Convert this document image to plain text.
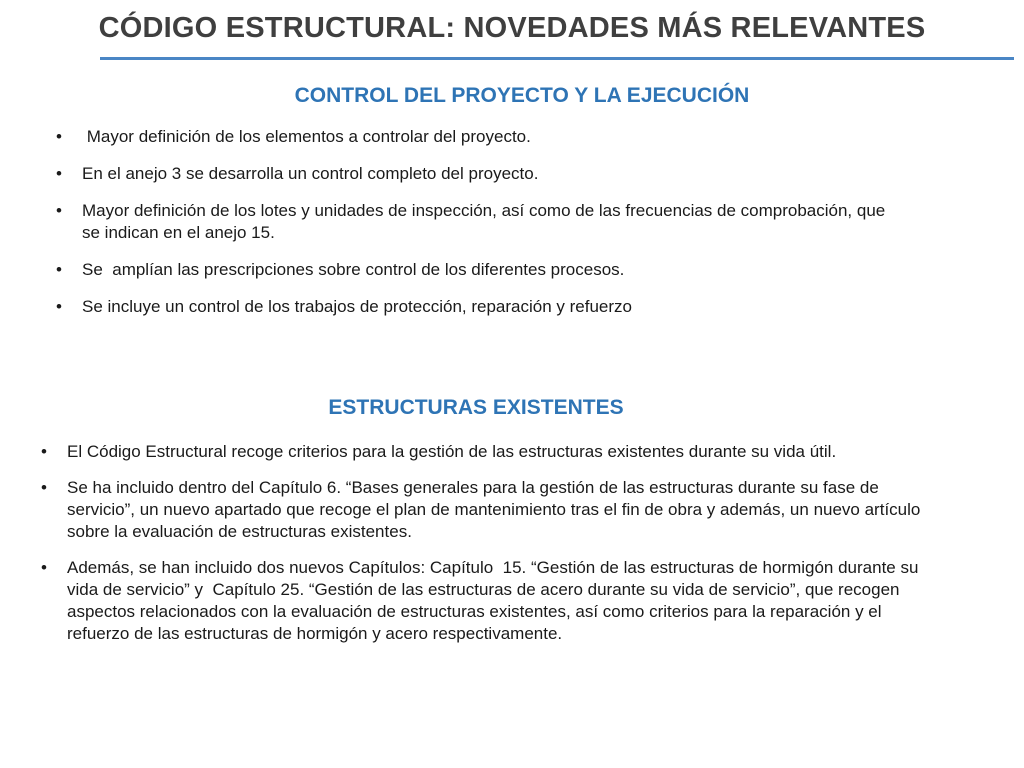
CÓDIGO ESTRUCTURAL: NOVEDADES MÁS RELEVANTES
CONTROL DEL PROYECTO Y LA EJECUCIÓN
• Mayor definición de los elementos a controlar del proyecto.
• En el anejo 3 se desarrolla un control completo del proyecto.
• Mayor definición de los lotes y unidades de inspección, así como de las frecuencias de comprobación, que se indican en el anejo 15.
• Se  amplían las prescripciones sobre control de los diferentes procesos.
• Se incluye un control de los trabajos de protección, reparación y refuerzo
ESTRUCTURAS EXISTENTES
• El Código Estructural recoge criterios para la gestión de las estructuras existentes durante su vida útil.
• Se ha incluido dentro del Capítulo 6. “Bases generales para la gestión de las estructuras durante su fase de servicio”, un nuevo apartado que recoge el plan de mantenimiento tras el fin de obra y además, un nuevo artículo sobre la evaluación de estructuras existentes.
• Además, se han incluido dos nuevos Capítulos: Capítulo  15. “Gestión de las estructuras de hormigón durante su vida de servicio” y  Capítulo 25. “Gestión de las estructuras de acero durante su vida de servicio”, que recogen aspectos relacionados con la evaluación de estructuras existentes, así como criterios para la reparación y el refuerzo de las estructuras de hormigón y acero respectivamente.
